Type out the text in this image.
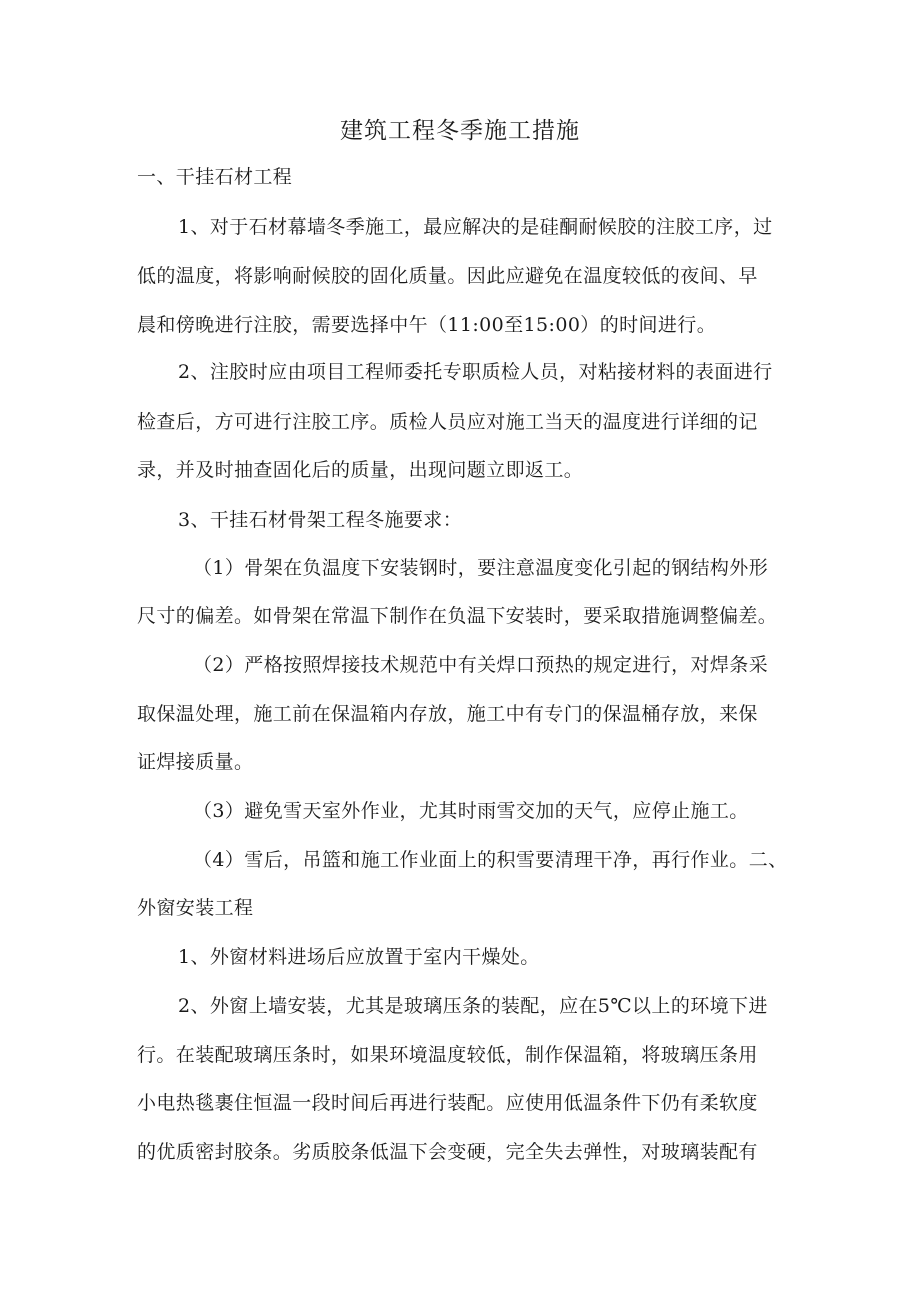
建筑工程冬季施工措施
一、干挂石材工程
1、对于石材幕墙冬季施工，最应解决的是硅酮耐候胶的注胶工序，过
低的温度，将影响耐候胶的固化质量。因此应避免在温度较低的夜间、早
晨和傍晚进行注胶，需要选择中午（11:00至15:00）的时间进行。
2、注胶时应由项目工程师委托专职质检人员，对粘接材料的表面进行
检查后，方可进行注胶工序。质检人员应对施工当天的温度进行详细的记
录，并及时抽查固化后的质量，出现问题立即返工。
3、干挂石材骨架工程冬施要求：
（1）骨架在负温度下安装钢时，要注意温度变化引起的钢结构外形
尺寸的偏差。如骨架在常温下制作在负温下安装时，要采取措施调整偏差。
（2）严格按照焊接技术规范中有关焊口预热的规定进行，对焊条采
取保温处理，施工前在保温箱内存放，施工中有专门的保温桶存放，来保
证焊接质量。
（3）避免雪天室外作业，尤其时雨雪交加的天气，应停止施工。
（4）雪后，吊篮和施工作业面上的积雪要清理干净，再行作业。二、
外窗安装工程
1、外窗材料进场后应放置于室内干燥处。
2、外窗上墙安装，尤其是玻璃压条的装配，应在5℃以上的环境下进
行。在装配玻璃压条时，如果环境温度较低，制作保温箱，将玻璃压条用
小电热毯裹住恒温一段时间后再进行装配。应使用低温条件下仍有柔软度
的优质密封胶条。劣质胶条低温下会变硬，完全失去弹性，对玻璃装配有
